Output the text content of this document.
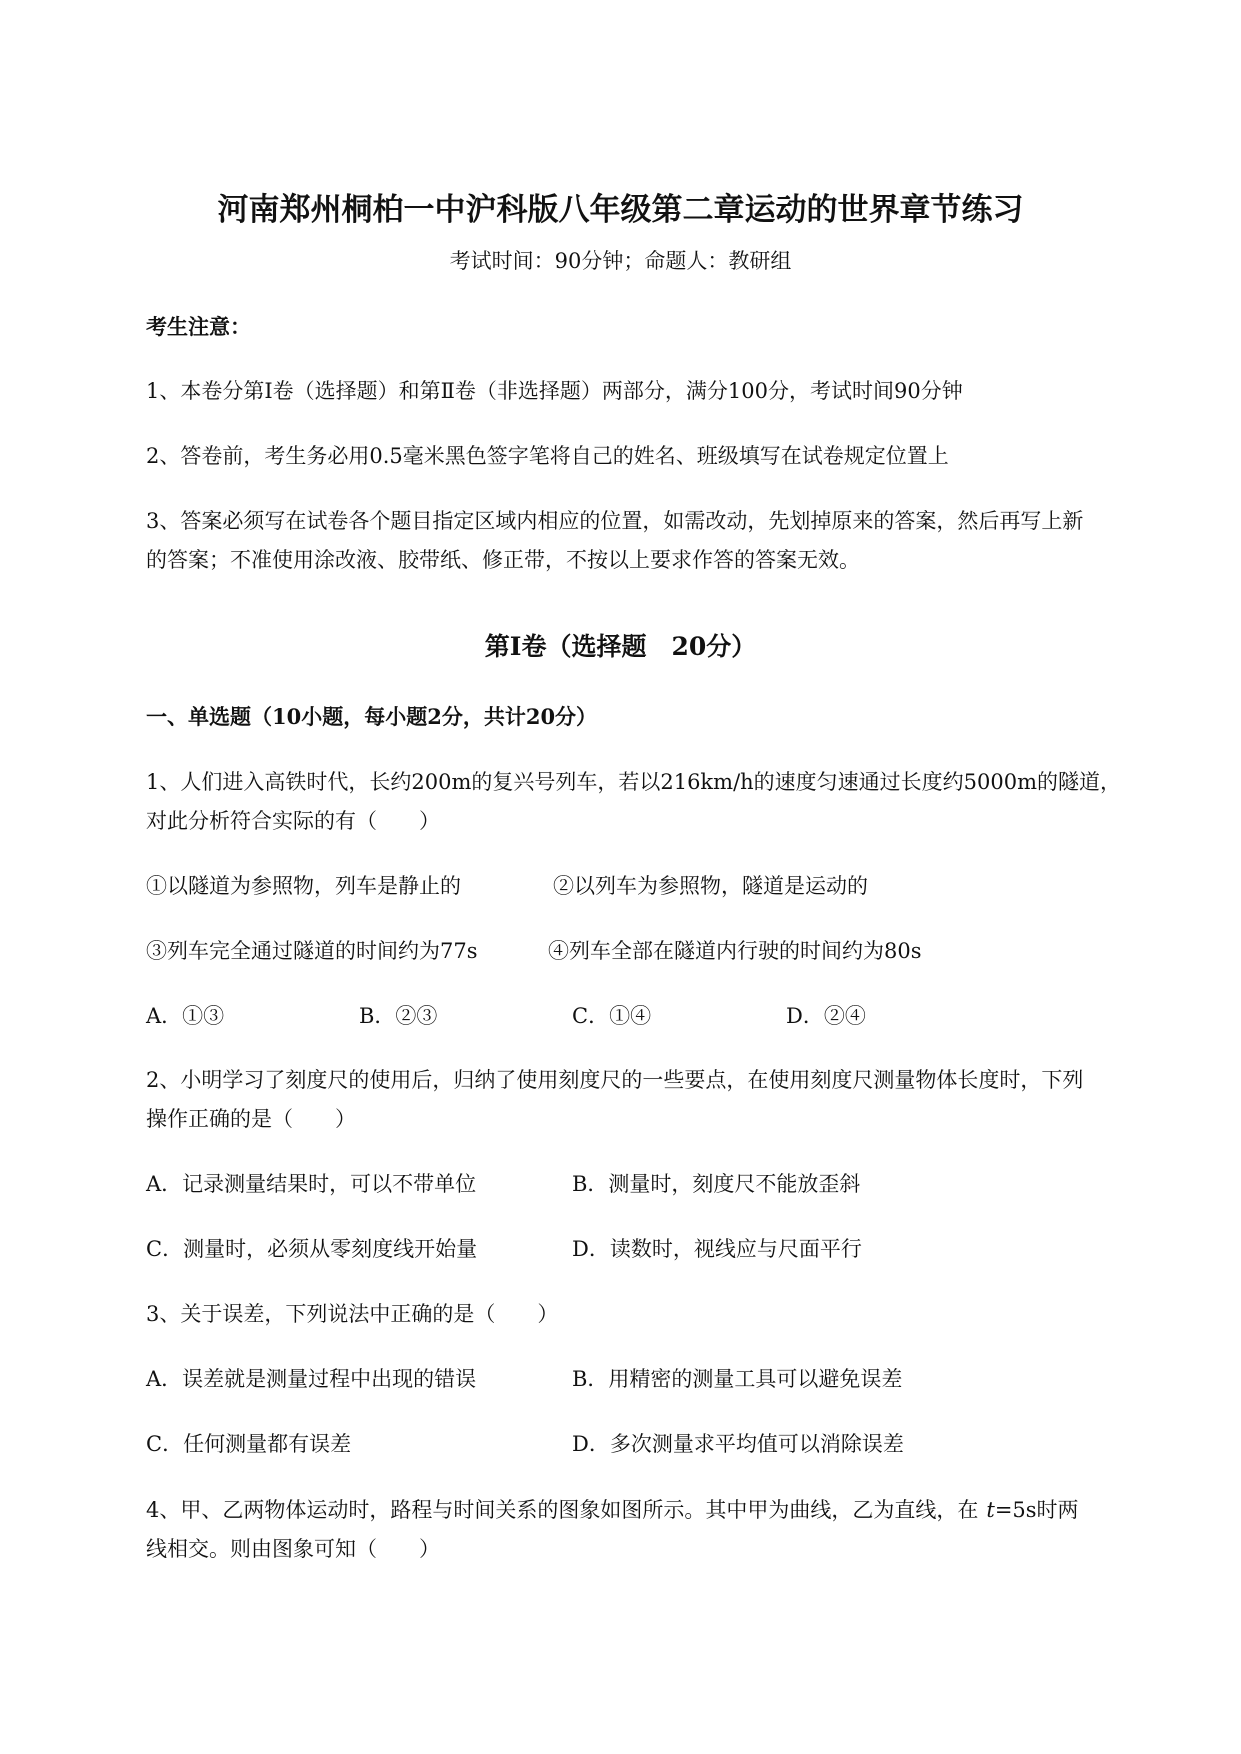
河南郑州桐柏一中沪科版八年级第二章运动的世界章节练习
考试时间：90分钟；命题人：教研组
考生注意：
1、本卷分第Ⅰ卷（选择题）和第Ⅱ卷（非选择题）两部分，满分100分，考试时间90分钟
2、答卷前，考生务必用0.5毫米黑色签字笔将自己的姓名、班级填写在试卷规定位置上
3、答案必须写在试卷各个题目指定区域内相应的位置，如需改动，先划掉原来的答案，然后再写上新
的答案；不准使用涂改液、胶带纸、修正带，不按以上要求作答的答案无效。
第Ⅰ卷（选择题　20分）
一、单选题（10小题，每小题2分，共计20分）
1、人们进入高铁时代，长约200m的复兴号列车，若以216km/h的速度匀速通过长度约5000m的隧道，
对此分析符合实际的有（　　）
①以隧道为参照物，列车是静止的	②以列车为参照物，隧道是运动的
③列车完全通过隧道的时间约为77s	④列车全部在隧道内行驶的时间约为80s
A．①③	B．②③	C．①④	D．②④
2、小明学习了刻度尺的使用后，归纳了使用刻度尺的一些要点，在使用刻度尺测量物体长度时，下列
操作正确的是（　　）
A．记录测量结果时，可以不带单位	B．测量时，刻度尺不能放歪斜
C．测量时，必须从零刻度线开始量	D．读数时，视线应与尺面平行
3、关于误差，下列说法中正确的是（　　）
A．误差就是测量过程中出现的错误	B．用精密的测量工具可以避免误差
C．任何测量都有误差	D．多次测量求平均值可以消除误差
4、甲、乙两物体运动时，路程与时间关系的图象如图所示。其中甲为曲线，乙为直线，在 t=5s时两
线相交。则由图象可知（　　）
